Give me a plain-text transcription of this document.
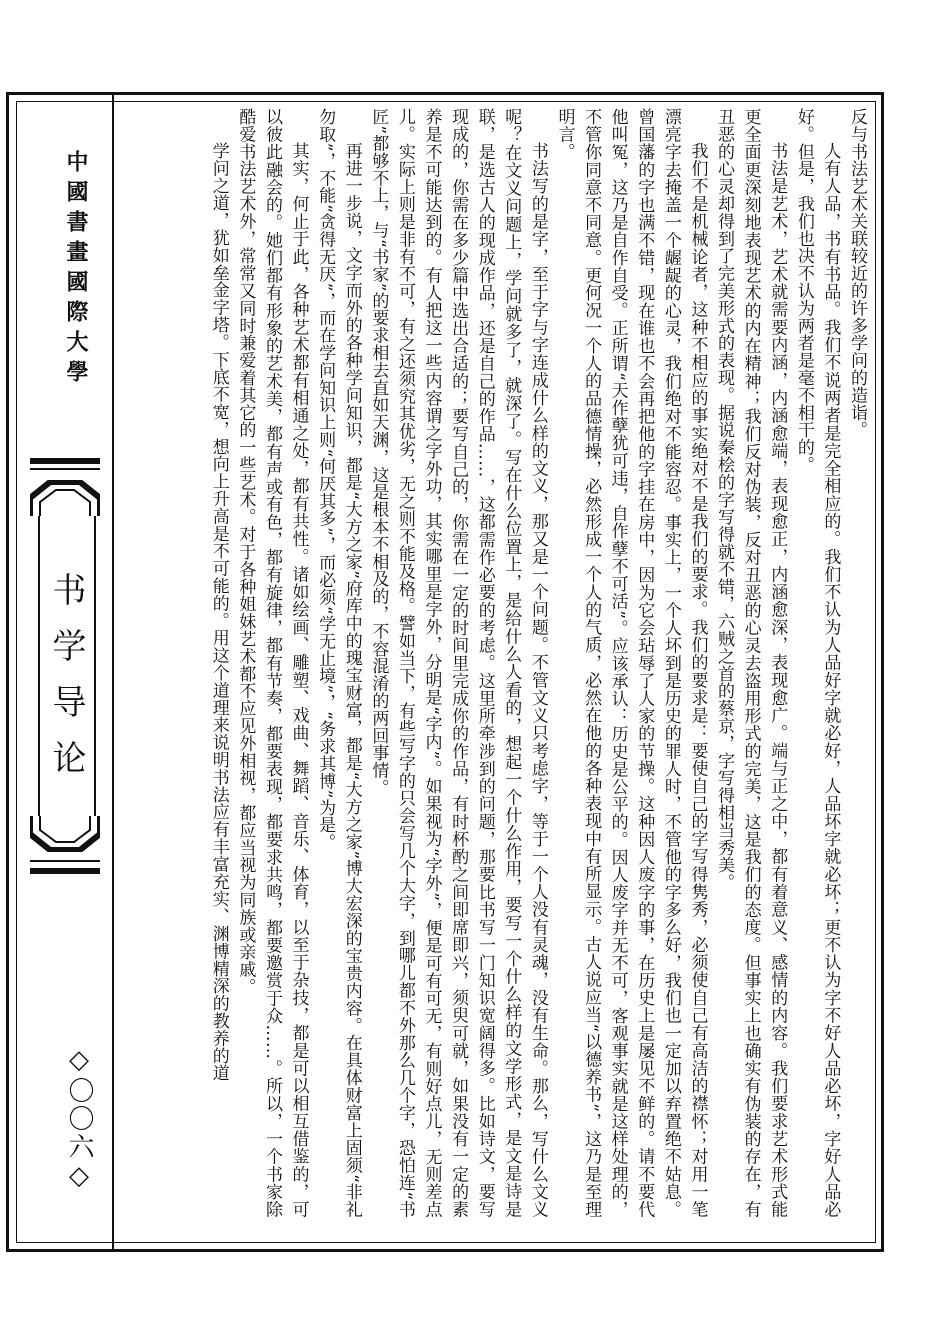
中國書畫國際大學
书学导论
◇〇〇六◇

反与书法艺术关联较近的许多学问的造诣。

人有人品，书有书品。我们不说两者是完全相应的。我们不认为人品好字就必好，人品坏字就必坏；更不认为字不好人品必坏，字好人品必好。但是，我们也决不认为两者是毫不相干的。

书法是艺术，艺术就需要内涵，内涵愈端，表现愈正，内涵愈深，表现愈广。端与正之中，都有着意义、感情的内容。我们要求艺术形式能更全面更深刻地表现艺术的内在精神；我们反对伪装，反对丑恶的心灵去盗用形式的完美，这是我们的态度。但事实上也确实有伪装的存在，有丑恶的心灵却得到了完美形式的表现。据说秦桧的字写得就不错，六贼之首的蔡京，字写得相当秀美。

我们不是机械论者，这种不相应的事实绝对不是我们的要求。我们的要求是：要使自己的字写得隽秀，必须使自己有高洁的襟怀；对用一笔漂亮字去掩盖一个龌龊的心灵，我们绝对不能容忍。事实上，一个人坏到是历史的罪人时，不管他的字多么好，我们也一定加以弃置绝不姑息。曾国藩的字也满不错，现在谁也不会再把他的字挂在房中，因为它会玷辱了人家的节操。这种因人废字的事，在历史上是屡见不鲜的。请不要代他叫冤，这乃是自作自受。正所谓“天作孽犹可违，自作孽不可活”。应该承认：历史是公平的。因人废字并无不可，客观事实就是这样处理的，不管你同意不同意。更何况一个人的品德情操，必然形成一个人的气质，必然在他的各种表现中有所显示。古人说应当“以德养书”，这乃是至理明言。

书法写的是字，至于字与字连成什么样的文义，那又是一个问题。不管文义只考虑字，等于一个人没有灵魂，没有生命。那么，写什么文义呢？在文义问题上，学问就多了，就深了。写在什么位置上，是给什么人看的，想起一个什么作用，要写一个什么样的文学形式，是文是诗是联，是选古人的现成作品，还是自己的作品……，这都需作必要的考虑。这里所牵涉到的问题，那要比书写一门知识宽阔得多。比如诗文，要写现成的，你需在多少篇中选出合适的；要写自己的，你需在一定的时间里完成你的作品，有时杯酌之间即席即兴，须臾可就，如果没有一定的素养是不可能达到的。有人把这一些内容谓之字外功，其实哪里是字外，分明是“字内”。如果视为“字外”，便是可有可无，有则好点儿，无则差点儿。实际上则是非有不可，有之还须究其优劣，无之则不能及格。譬如当下，有些写字的只会写几个大字，到哪儿都不外那么几个字，恐怕连“书匠”都够不上，与“书家”的要求相去直如天渊，这是根本不相及的，不容混淆的两回事情。

再进一步说，文字而外的各种学问知识，都是“大方之家”府库中的瑰宝财富，都是“大方之家”博大宏深的宝贵内容。在具体财富上固须“非礼勿取”，不能“贪得无厌”，而在学问知识上则“何厌其多”，而必须“学无止境”，“务求其博”为是。

其实，何止于此，各种艺术都有相通之处，都有共性。诸如绘画、雕塑、戏曲、舞蹈、音乐、体育，以至于杂技，都是可以相互借鉴的，可以彼此融会的。她们都有形象的艺术美，都有声或有色，都有旋律，都有节奏，都要表现，都要求共鸣，都要邀赏于众……。所以，一个书家除酷爱书法艺术外，常常又同时兼爱着其它的一些艺术。对于各种姐妹艺术都不应见外相视，都应当视为同族或亲戚。

学问之道，犹如垒金字塔。下底不宽，想向上升高是不可能的。用这个道理来说明书法应有丰富充实、渊博精深的教养的道
